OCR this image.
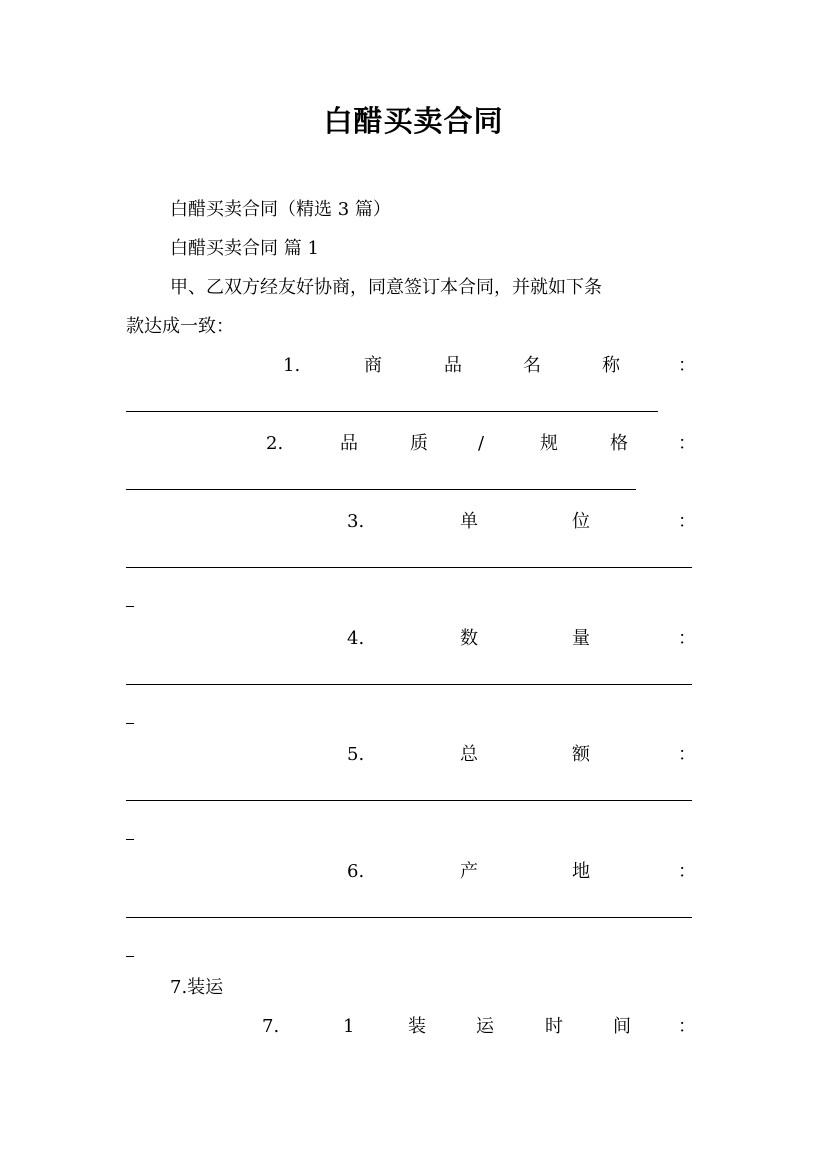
白醋买卖合同
白醋买卖合同（精选 3 篇）
白醋买卖合同 篇 1
甲、乙双方经友好协商，同意签订本合同，并就如下条
款达成一致：
1.	商	品	名	称	：
2.	品	质	/	规	格	：
3.	单	位	：
4.	数	量	：
5.	总	额	：
6.	产	地	：
7.装运
7.	1	装	运	时	间	：
